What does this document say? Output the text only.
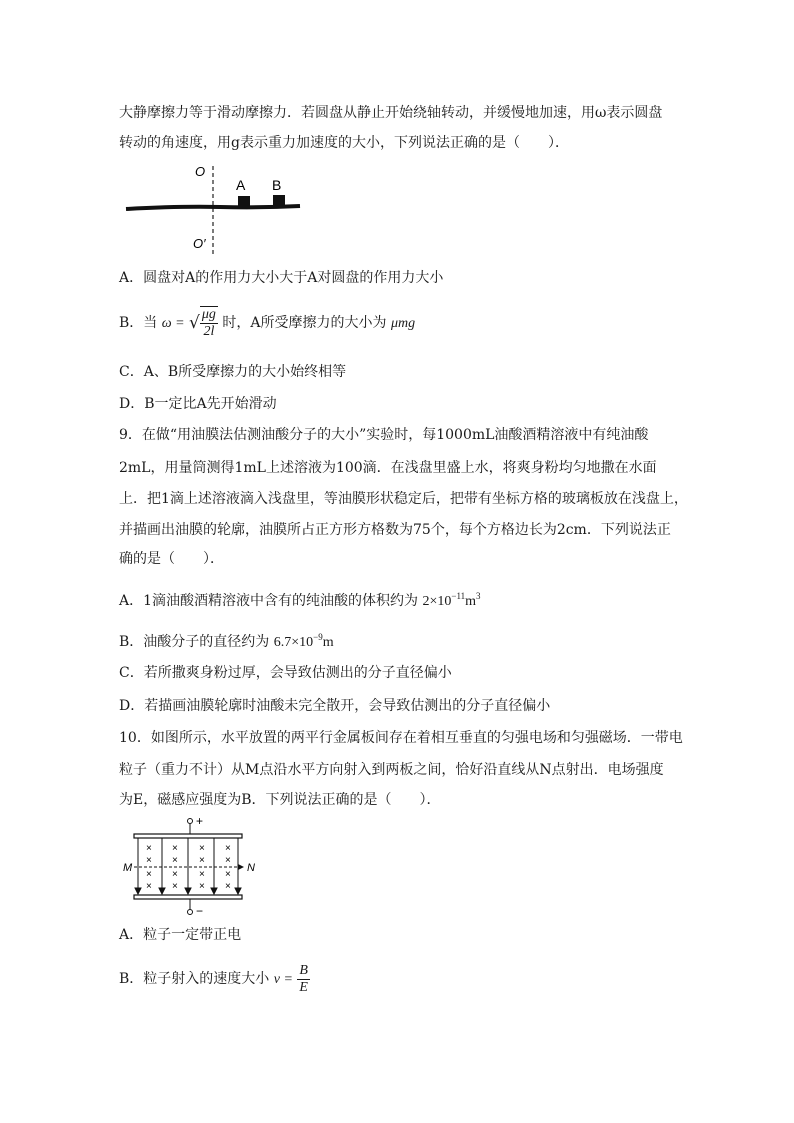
大静摩擦力等于滑动摩擦力．若圆盘从静止开始绕轴转动，并缓慢地加速，用ω表示圆盘
转动的角速度，用g表示重力加速度的大小，下列说法正确的是（　　）．
O
A B
O′
A．圆盘对A的作用力大小大于A对圆盘的作用力大小
B．当 ω = √ $\frac{\mu g}{2l}$ 时，A所受摩擦力的大小为 μmg
C．A、B所受摩擦力的大小始终相等
D．B一定比A先开始滑动
9．在做“用油膜法估测油酸分子的大小”实验时，每1000mL油酸酒精溶液中有纯油酸
2mL，用量筒测得1mL上述溶液为100滴．在浅盘里盛上水，将爽身粉均匀地撒在水面
上．把1滴上述溶液滴入浅盘里，等油膜形状稳定后，把带有坐标方格的玻璃板放在浅盘上，
并描画出油膜的轮廓，油膜所占正方形方格数为75个，每个方格边长为2cm．下列说法正
确的是（　　）．
A．1滴油酸酒精溶液中含有的纯油酸的体积约为 $2\times 10^{-11}m^3$
B．油酸分子的直径约为 $6.7\times 10^{-9}m$
C．若所撒爽身粉过厚，会导致估测出的分子直径偏小
D．若描画油膜轮廓时油酸未完全散开，会导致估测出的分子直径偏小
10．如图所示，水平放置的两平行金属板间存在着相互垂直的匀强电场和匀强磁场．一带电
粒子（重力不计）从M点沿水平方向射入到两板之间，恰好沿直线从N点射出．电场强度
为E，磁感应强度为B．下列说法正确的是（　　）．
+
−
×
×
×
×
×
×
×
×
×
×
×
×
×
×
×
×
M	N
A．粒子一定带正电
B．粒子射入的速度大小 $v = \frac{B}{E}$
